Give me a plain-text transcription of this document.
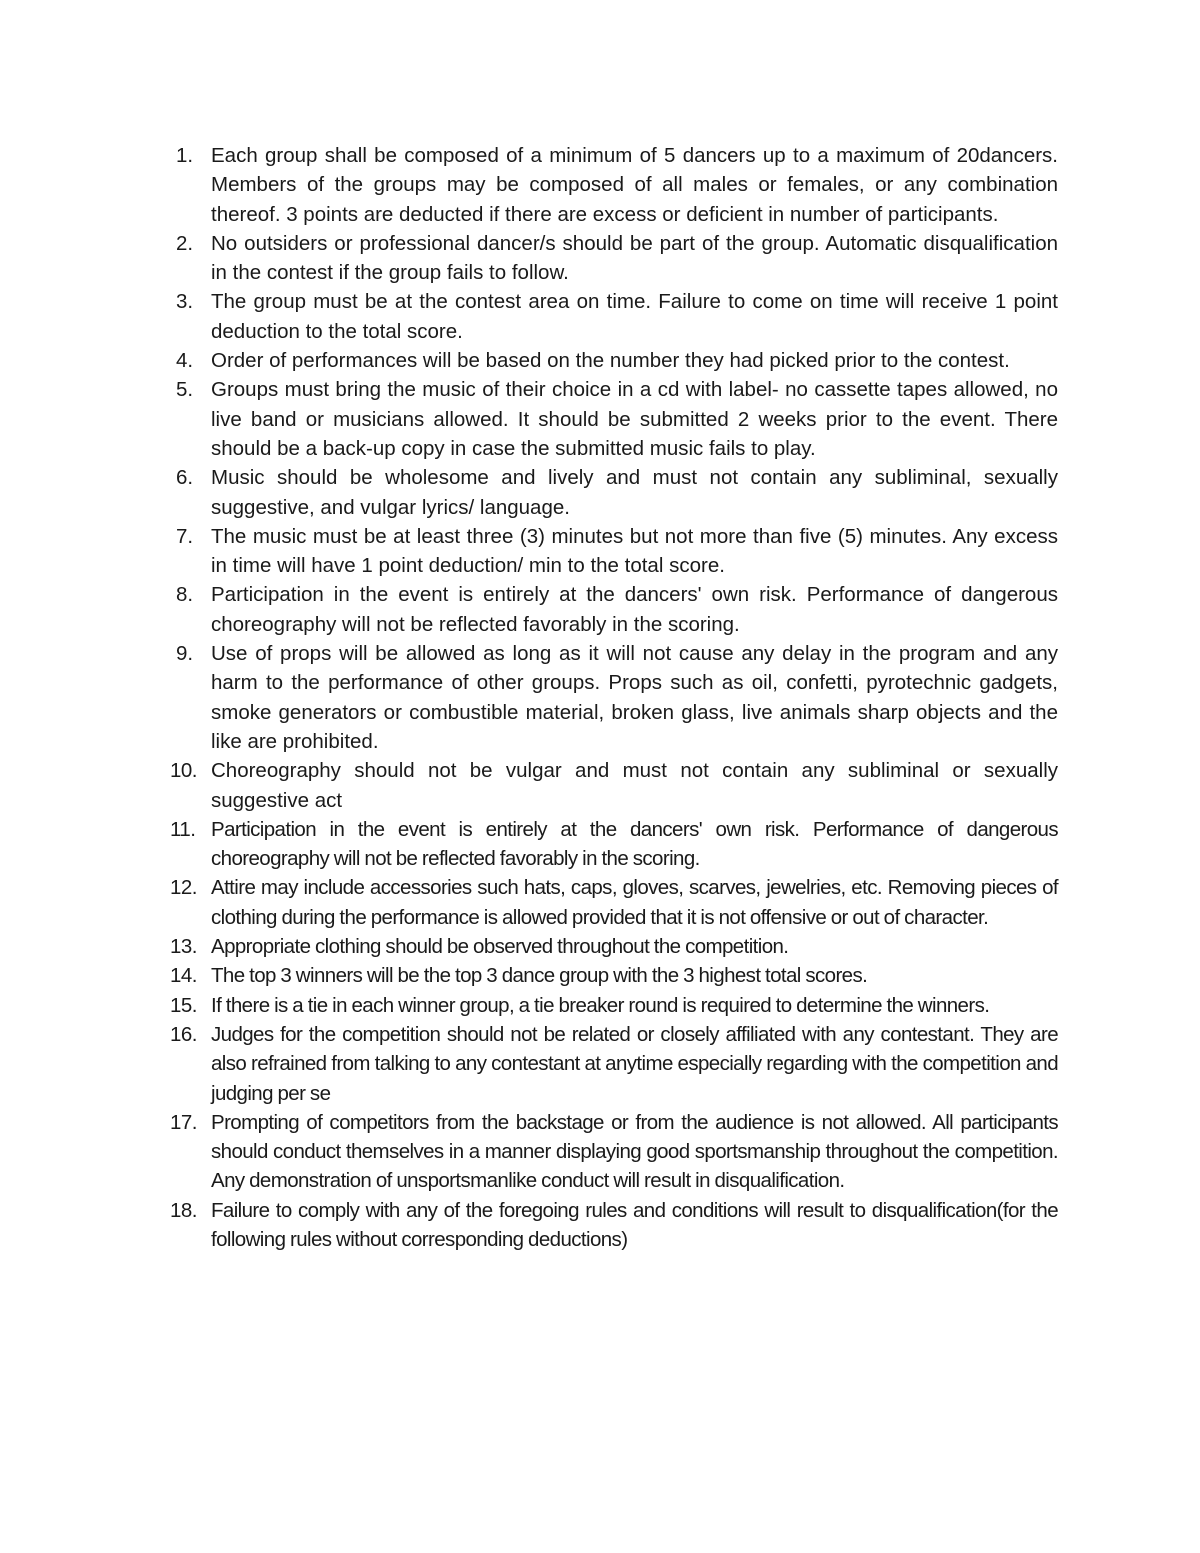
1. Each group shall be composed of a minimum of 5 dancers up to a maximum of 20dancers. Members of the groups may be composed of all males or females, or any combination thereof. 3 points are deducted if there are excess or deficient in number of participants.
2. No outsiders or professional dancer/s should be part of the group. Automatic disqualification in the contest if the group fails to follow.
3. The group must be at the contest area on time. Failure to come on time will receive 1 point deduction to the total score.
4. Order of performances will be based on the number they had picked prior to the contest.
5. Groups must bring the music of their choice in a cd with label- no cassette tapes allowed, no live band or musicians allowed. It should be submitted 2 weeks prior to the event. There should be a back-up copy in case the submitted music fails to play.
6. Music should be wholesome and lively and must not contain any subliminal, sexually suggestive, and vulgar lyrics/ language.
7. The music must be at least three (3) minutes but not more than five (5) minutes. Any excess in time will have 1 point deduction/ min to the total score.
8. Participation in the event is entirely at the dancers' own risk. Performance of dangerous choreography will not be reflected favorably in the scoring.
9. Use of props will be allowed as long as it will not cause any delay in the program and any harm to the performance of other groups. Props such as oil, confetti, pyrotechnic gadgets, smoke generators or combustible material, broken glass, live animals sharp objects and the like are prohibited.
10. Choreography should not be vulgar and must not contain any subliminal or sexually suggestive act
11. Participation in the event is entirely at the dancers' own risk. Performance of dangerous choreography will not be reflected favorably in the scoring.
12. Attire may include accessories such hats, caps, gloves, scarves, jewelries, etc. Removing pieces of clothing during the performance is allowed provided that it is not offensive or out of character.
13. Appropriate clothing should be observed throughout the competition.
14. The top 3 winners will be the top 3 dance group with the 3 highest total scores.
15. If there is a tie in each winner group, a tie breaker round is required to determine the winners.
16. Judges for the competition should not be related or closely affiliated with any contestant. They are also refrained from talking to any contestant at anytime especially regarding with the competition and judging per se
17. Prompting of competitors from the backstage or from the audience is not allowed. All participants should conduct themselves in a manner displaying good sportsmanship throughout the competition. Any demonstration of unsportsmanlike conduct will result in disqualification.
18. Failure to comply with any of the foregoing rules and conditions will result to disqualification(for the following rules without corresponding deductions)
